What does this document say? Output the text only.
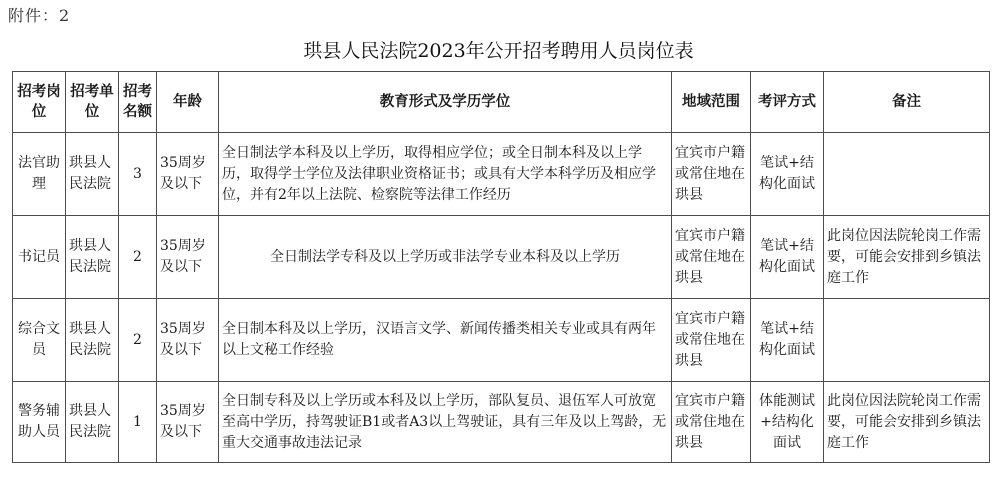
附件：2
珙县人民法院2023年公开招考聘用人员岗位表
招考岗位	招考单位	招考名额	年龄	教育形式及学历学位	地域范围	考评方式	备注
法官助理	珙县人民法院	3	35周岁及以下	全日制法学本科及以上学历，取得相应学位；或全日制本科及以上学历，取得学士学位及法律职业资格证书；或具有大学本科学历及相应学位，并有2年以上法院、检察院等法律工作经历	宜宾市户籍或常住地在珙县	笔试+结构化面试	
书记员	珙县人民法院	2	35周岁及以下	全日制法学专科及以上学历或非法学专业本科及以上学历	宜宾市户籍或常住地在珙县	笔试+结构化面试	此岗位因法院轮岗工作需要，可能会安排到乡镇法庭工作
综合文员	珙县人民法院	2	35周岁及以下	全日制本科及以上学历，汉语言文学、新闻传播类相关专业或具有两年以上文秘工作经验	宜宾市户籍或常住地在珙县	笔试+结构化面试	
警务辅助人员	珙县人民法院	1	35周岁及以下	全日制专科及以上学历或本科及以上学历，部队复员、退伍军人可放宽至高中学历，持驾驶证B1或者A3以上驾驶证，具有三年及以上驾龄，无重大交通事故违法记录	宜宾市户籍或常住地在珙县	体能测试+结构化面试	此岗位因法院轮岗工作需要，可能会安排到乡镇法庭工作
